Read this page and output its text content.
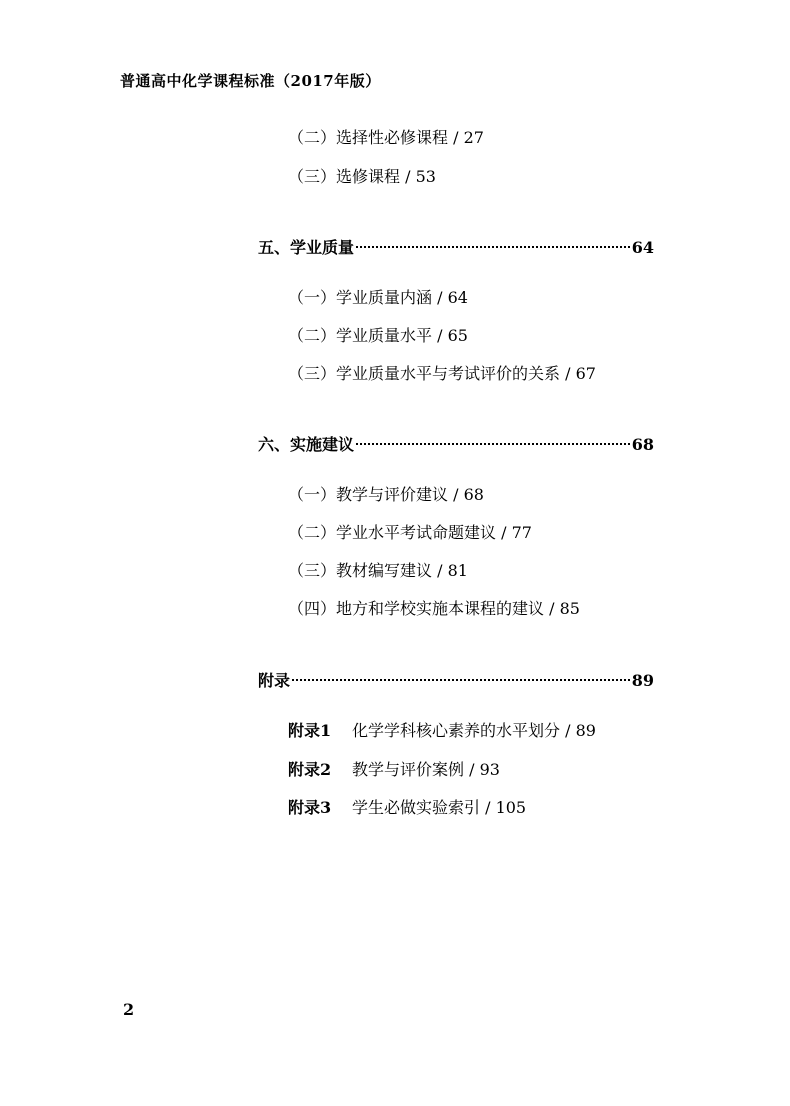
普通高中化学课程标准（2017年版）
（二）选择性必修课程 / 27
（三）选修课程 / 53
五、学业质量	64
（一）学业质量内涵 / 64
（二）学业质量水平 / 65
（三）学业质量水平与考试评价的关系 / 67
六、实施建议	68
（一）教学与评价建议 / 68
（二）学业水平考试命题建议 / 77
（三）教材编写建议 / 81
（四）地方和学校实施本课程的建议 / 85
附录	89
附录1 化学学科核心素养的水平划分 / 89
附录2 教学与评价案例 / 93
附录3 学生必做实验索引 / 105
2
